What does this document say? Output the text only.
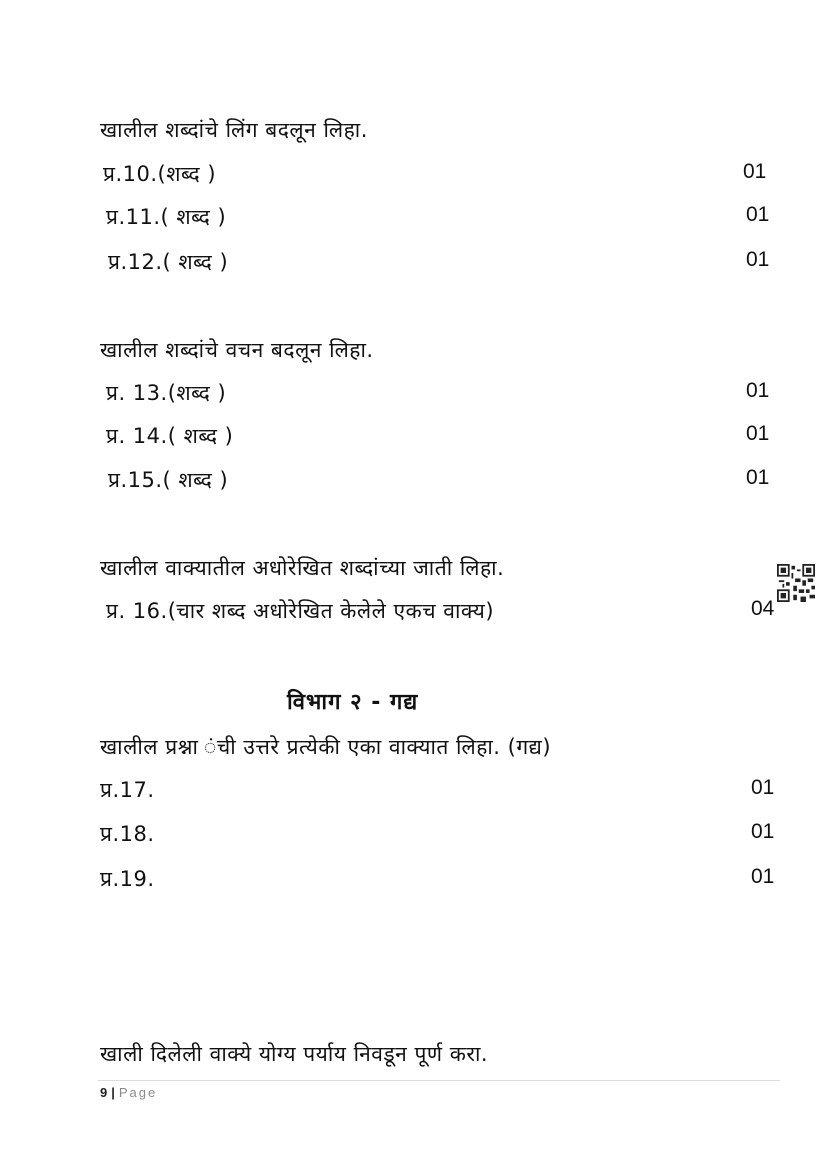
खालील शब्दांचे लिंग बदलून लिहा.
प्र.10.(शब्द )	01
प्र.11.( शब्द )	01
प्र.12.( शब्द )	01
खालील शब्दांचे वचन बदलून लिहा.
प्र. 13.(शब्द )	01
प्र. 14.( शब्द )	01
प्र.15.( शब्द )	01
खालील वाक्यातील अधोरेखित शब्दांच्या जाती लिहा.
प्र. 16.(चार शब्द अधोरेखित केलेले एकच वाक्य)	04
विभाग २ - गद्य
खालील प्रश्ना ंची उत्तरे प्रत्येकी एका वाक्यात लिहा. (गद्य)
प्र.17.	01
प्र.18.	01
प्र.19.	01
खाली दिलेली वाक्ये योग्य पर्याय निवडून पूर्ण करा.
9 | Page
